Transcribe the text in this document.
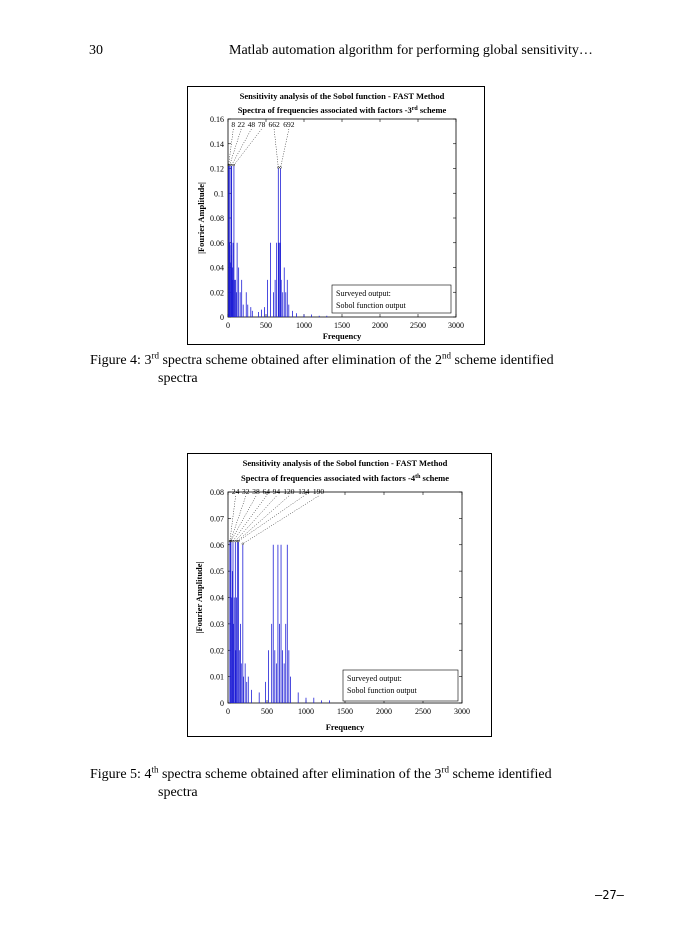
30	Matlab automation algorithm for performing global sensitivity…
Sensitivity analysis of the Sobol function - FAST Method
Spectra of frequencies associated with factors -3rd scheme
0
0.02
0.04
0.06
0.08
0.1
0.12
0.14
0.16
0	500	1000	1500	2000	2500	3000
Frequency
|Fourier Amplitude|
8 22 48 78 662 692
Surveyed output:
Sobol function output
Figure 4: 3rd spectra scheme obtained after elimination of the 2nd scheme identified
spectra
Sensitivity analysis of the Sobol function - FAST Method
Spectra of frequencies associated with factors -4th scheme
0
0.01
0.02
0.03
0.04
0.05
0.06
0.07
0.08
0	500	1000	1500	2000	2500	3000
Frequency
|Fourier Amplitude|
24 32 38 64 94 120 134 190
Surveyed output:
Sobol function output
Figure 5: 4th spectra scheme obtained after elimination of the 3rd scheme identified
spectra
–27–
